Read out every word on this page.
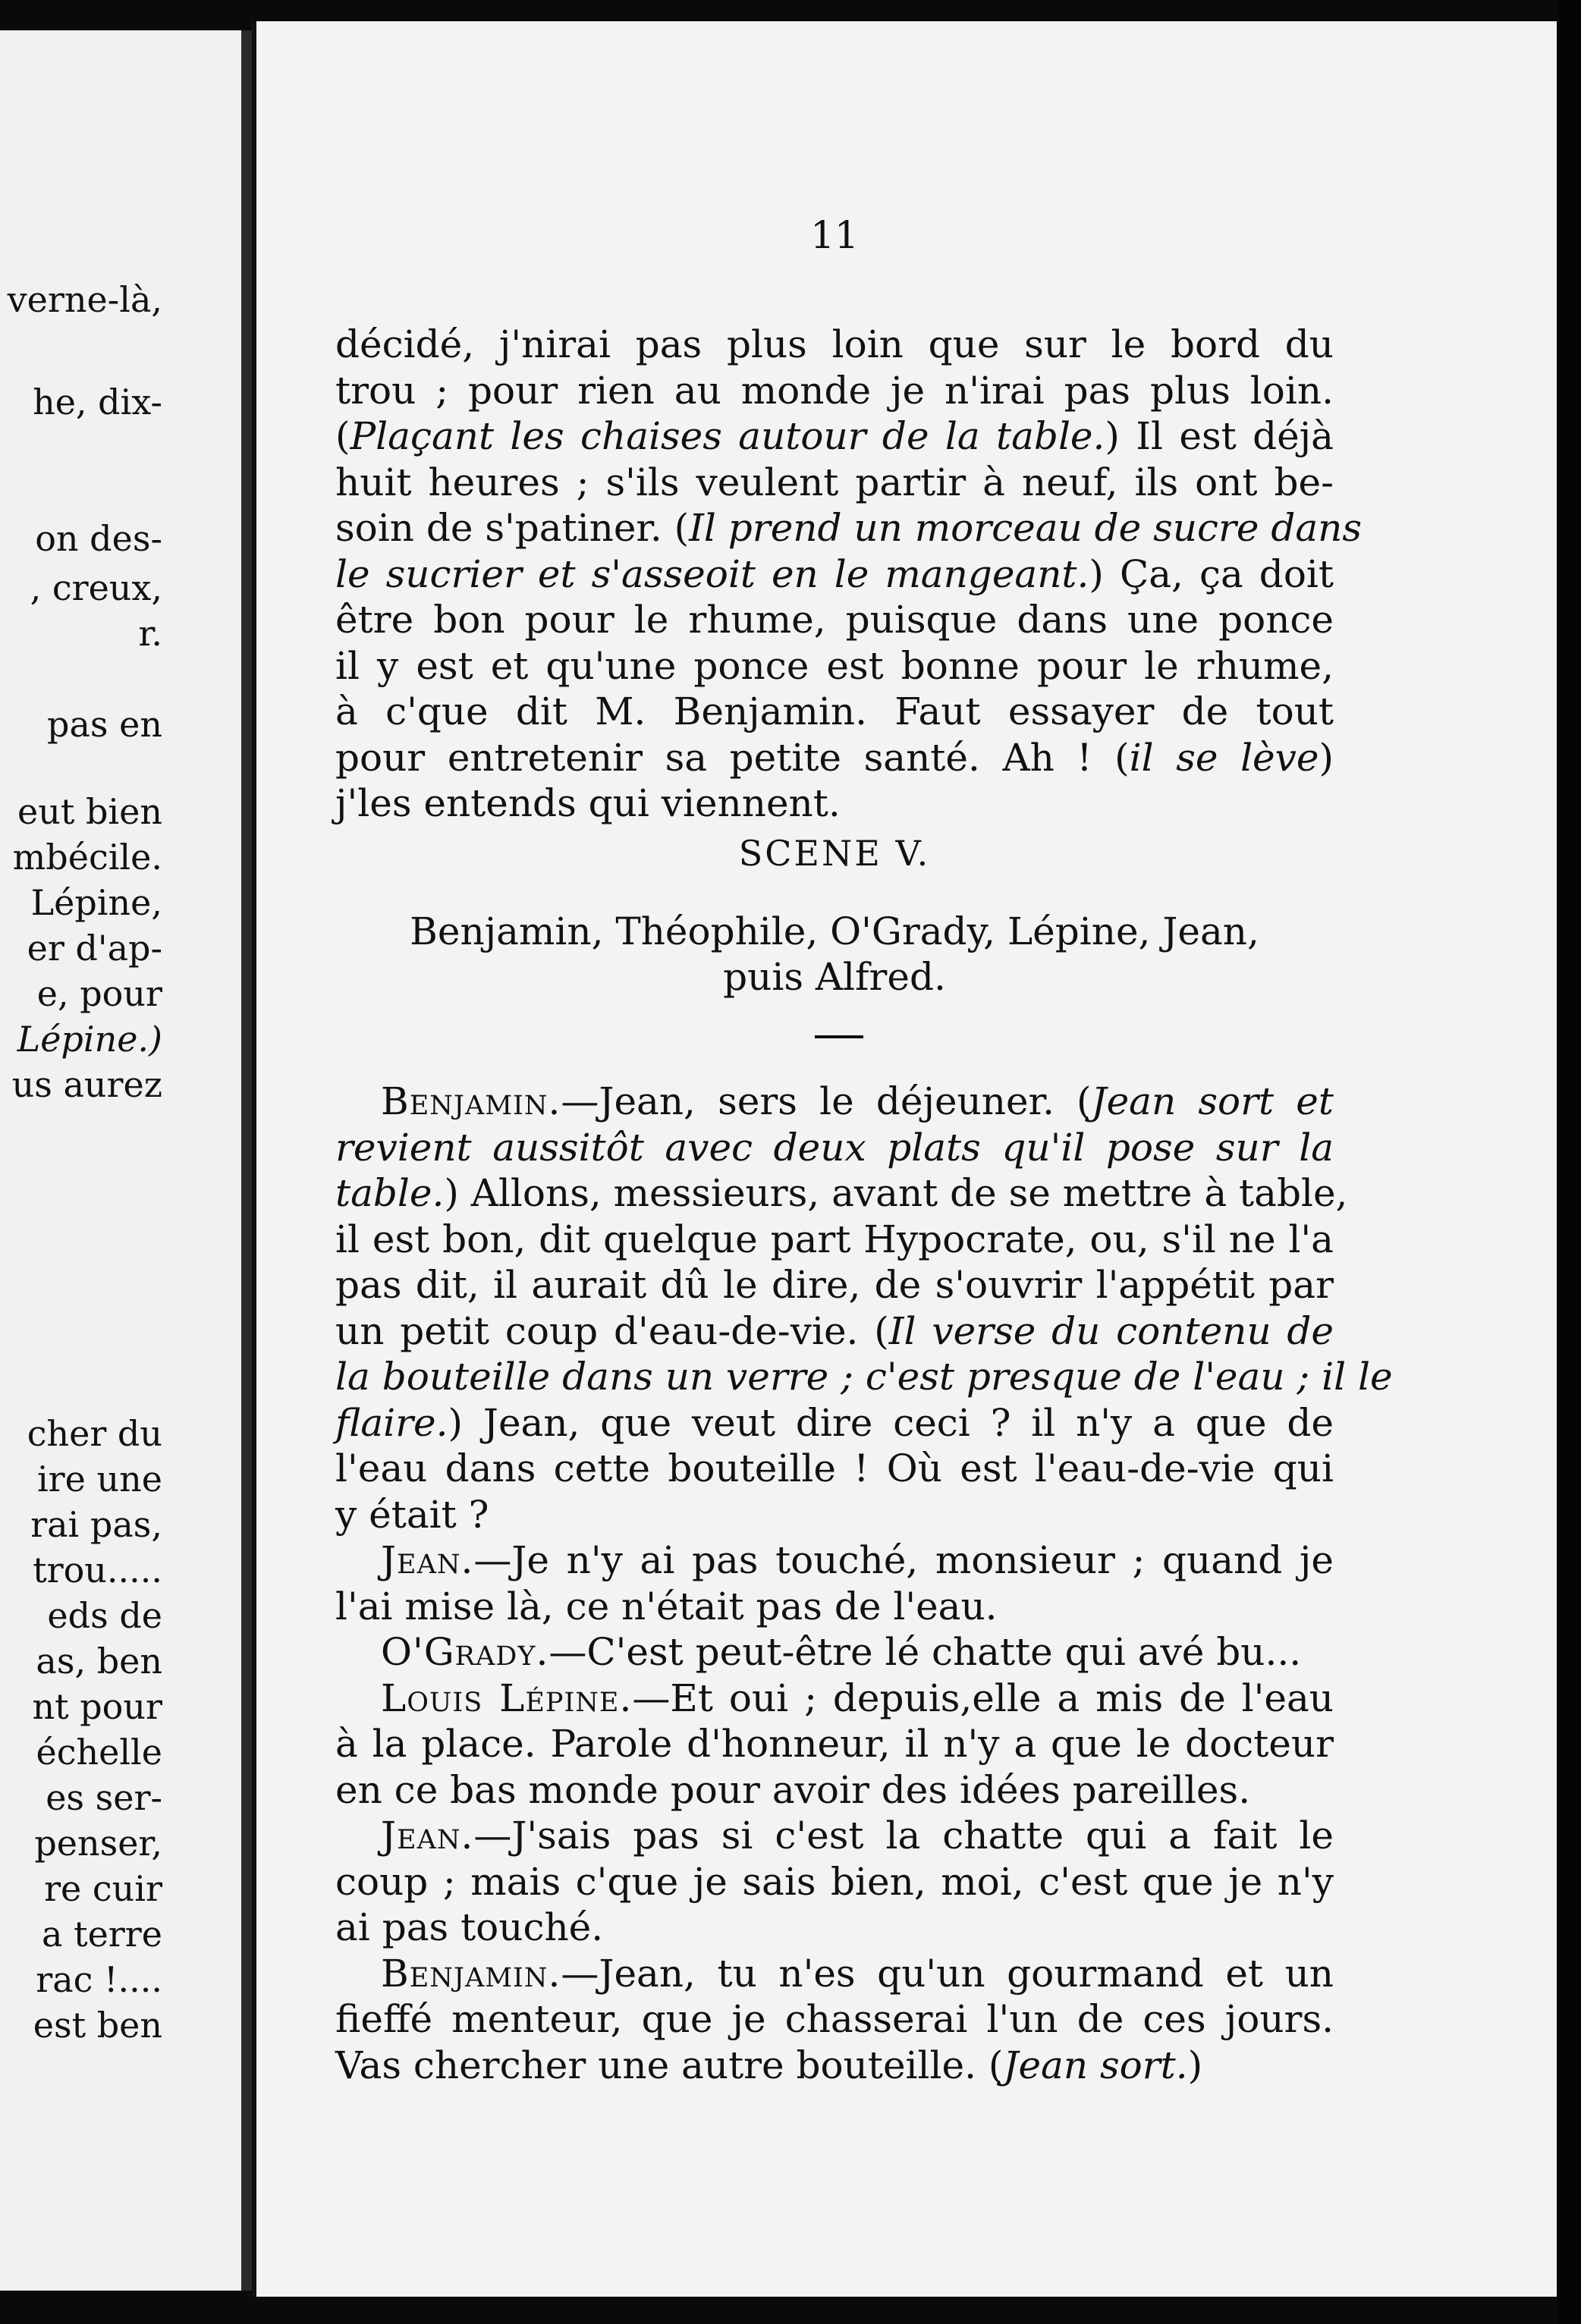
verne-là,
he, dix-
on des-
, creux,
r.
pas en
eut bien
mbécile.
Lépine,
er d'ap-
e, pour
Lépine.)
us aurez
cher du
ire une
rai pas,
trou.....
eds de
as, ben
nt pour
échelle
es ser-
penser,
re cuir
a terre
rac !....
est ben
11
décidé, j'nirai pas plus loin que sur le bord du
trou ; pour rien au monde je n'irai pas plus loin.
(Plaçant les chaises autour de la table.) Il est déjà
huit heures ; s'ils veulent partir à neuf, ils ont be-
soin de s'patiner. (Il prend un morceau de sucre dans
le sucrier et s'asseoit en le mangeant.) Ça, ça doit
être bon pour le rhume, puisque dans une ponce
il y est et qu'une ponce est bonne pour le rhume,
à c'que dit M. Benjamin. Faut essayer de tout
pour entretenir sa petite santé. Ah ! (il se lève)
j'les entends qui viennent.
SCENE V.
Benjamin, Théophile, O'Grady, Lépine, Jean,
puis Alfred.
Benjamin.—Jean, sers le déjeuner. (Jean sort et
revient aussitôt avec deux plats qu'il pose sur la
table.) Allons, messieurs, avant de se mettre à table,
il est bon, dit quelque part Hypocrate, ou, s'il ne l'a
pas dit, il aurait dû le dire, de s'ouvrir l'appétit par
un petit coup d'eau-de-vie. (Il verse du contenu de
la bouteille dans un verre ; c'est presque de l'eau ; il le
flaire.) Jean, que veut dire ceci ? il n'y a que de
l'eau dans cette bouteille ! Où est l'eau-de-vie qui
y était ?
Jean.—Je n'y ai pas touché, monsieur ; quand je
l'ai mise là, ce n'était pas de l'eau.
O'Grady.—C'est peut-être lé chatte qui avé bu...
Louis Lépine.—Et oui ; depuis,elle a mis de l'eau
à la place. Parole d'honneur, il n'y a que le docteur
en ce bas monde pour avoir des idées pareilles.
Jean.—J'sais pas si c'est la chatte qui a fait le
coup ; mais c'que je sais bien, moi, c'est que je n'y
ai pas touché.
Benjamin.—Jean, tu n'es qu'un gourmand et un
fieffé menteur, que je chasserai l'un de ces jours.
Vas chercher une autre bouteille. (Jean sort.)
